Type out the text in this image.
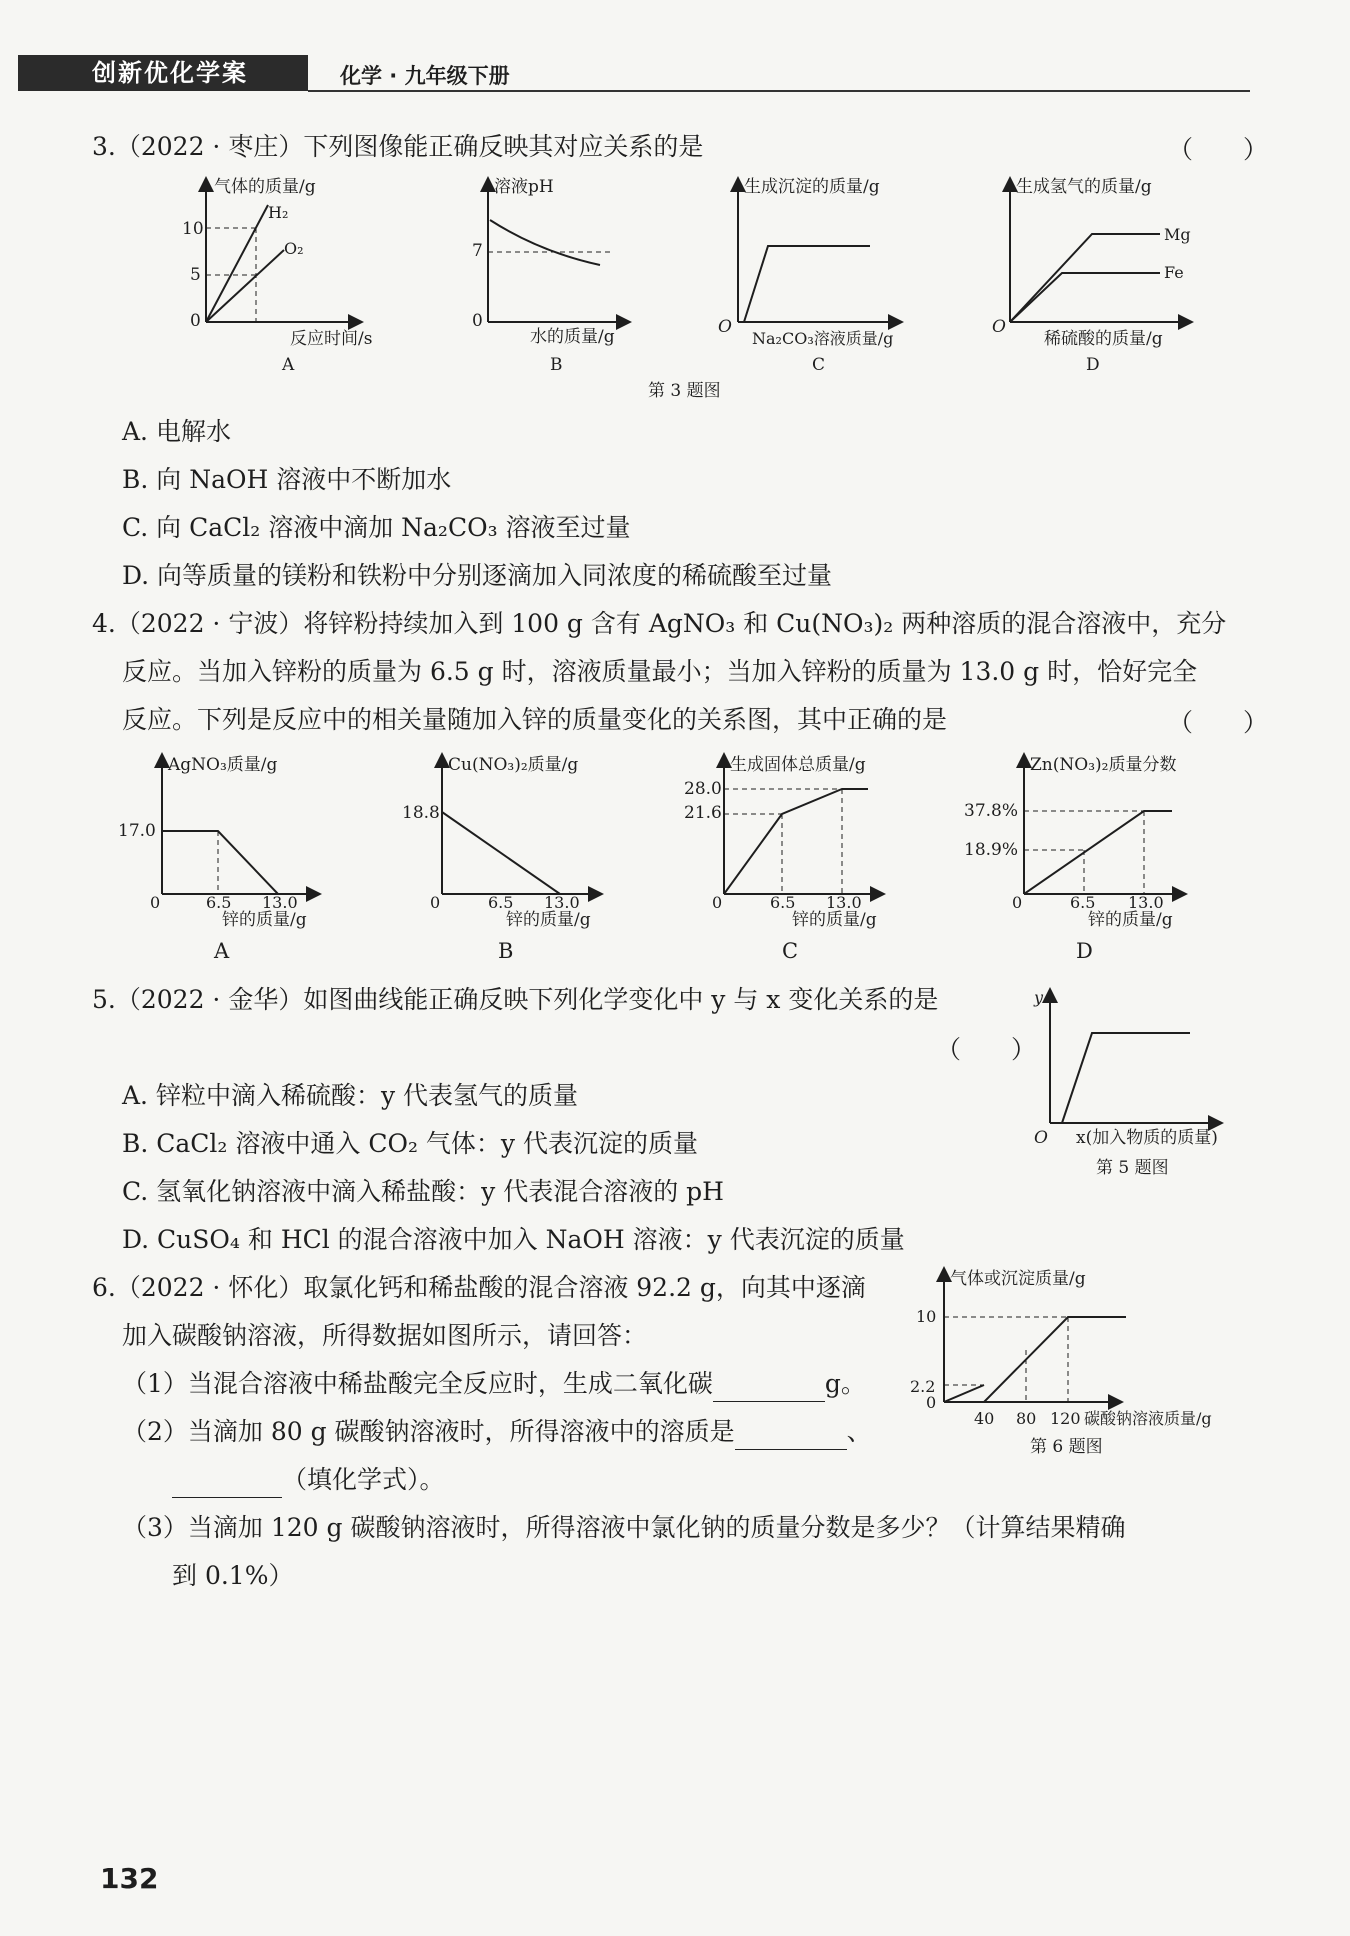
创新优化学案	化学 · 九年级下册
3.（2022 · 枣庄）下列图像能正确反映其对应关系的是	（　　）
气体的质量/g
反应时间/s
10
5
0
H₂
O₂
A
溶液pH
水的质量/g
7
0
B
生成沉淀的质量/g
Na₂CO₃溶液质量/g
O
C
生成氢气的质量/g
稀硫酸的质量/g
O
Mg
Fe
D
第 3 题图
A. 电解水
B. 向 NaOH 溶液中不断加水
C. 向 CaCl₂ 溶液中滴加 Na₂CO₃ 溶液至过量
D. 向等质量的镁粉和铁粉中分别逐滴加入同浓度的稀硫酸至过量
4.（2022 · 宁波）将锌粉持续加入到 100 g 含有 AgNO₃ 和 Cu(NO₃)₂ 两种溶质的混合溶液中，充分
反应。当加入锌粉的质量为 6.5 g 时，溶液质量最小；当加入锌粉的质量为 13.0 g 时，恰好完全
反应。下列是反应中的相关量随加入锌的质量变化的关系图，其中正确的是	（　　）
AgNO₃质量/g
17.0
0	6.5 13.0
锌的质量/g
A
Cu(NO₃)₂质量/g
18.8
0	6.5 13.0
锌的质量/g
B
生成固体总质量/g
28.0
21.6
0	6.5 13.0
锌的质量/g
C
Zn(NO₃)₂质量分数
37.8%
18.9%
0	6.5 13.0
锌的质量/g
D
5.（2022 · 金华）如图曲线能正确反映下列化学变化中 y 与 x 变化关系的是
（　　）
A. 锌粒中滴入稀硫酸：y 代表氢气的质量
B. CaCl₂ 溶液中通入 CO₂ 气体：y 代表沉淀的质量
C. 氢氧化钠溶液中滴入稀盐酸：y 代表混合溶液的 pH
D. CuSO₄ 和 HCl 的混合溶液中加入 NaOH 溶液：y 代表沉淀的质量
y
O x(加入物质的质量)
第 5 题图
6.（2022 · 怀化）取氯化钙和稀盐酸的混合溶液 92.2 g，向其中逐滴
加入碳酸钠溶液，所得数据如图所示，请回答：
（1）当混合溶液中稀盐酸完全反应时，生成二氧化碳	g。
（2）当滴加 80 g 碳酸钠溶液时，所得溶液中的溶质是	、
（填化学式）。
（3）当滴加 120 g 碳酸钠溶液时，所得溶液中氯化钠的质量分数是多少？（计算结果精确
到 0.1%）
气体或沉淀质量/g
10
2.2
0
40 80 120 碳酸钠溶液质量/g
第 6 题图
132
